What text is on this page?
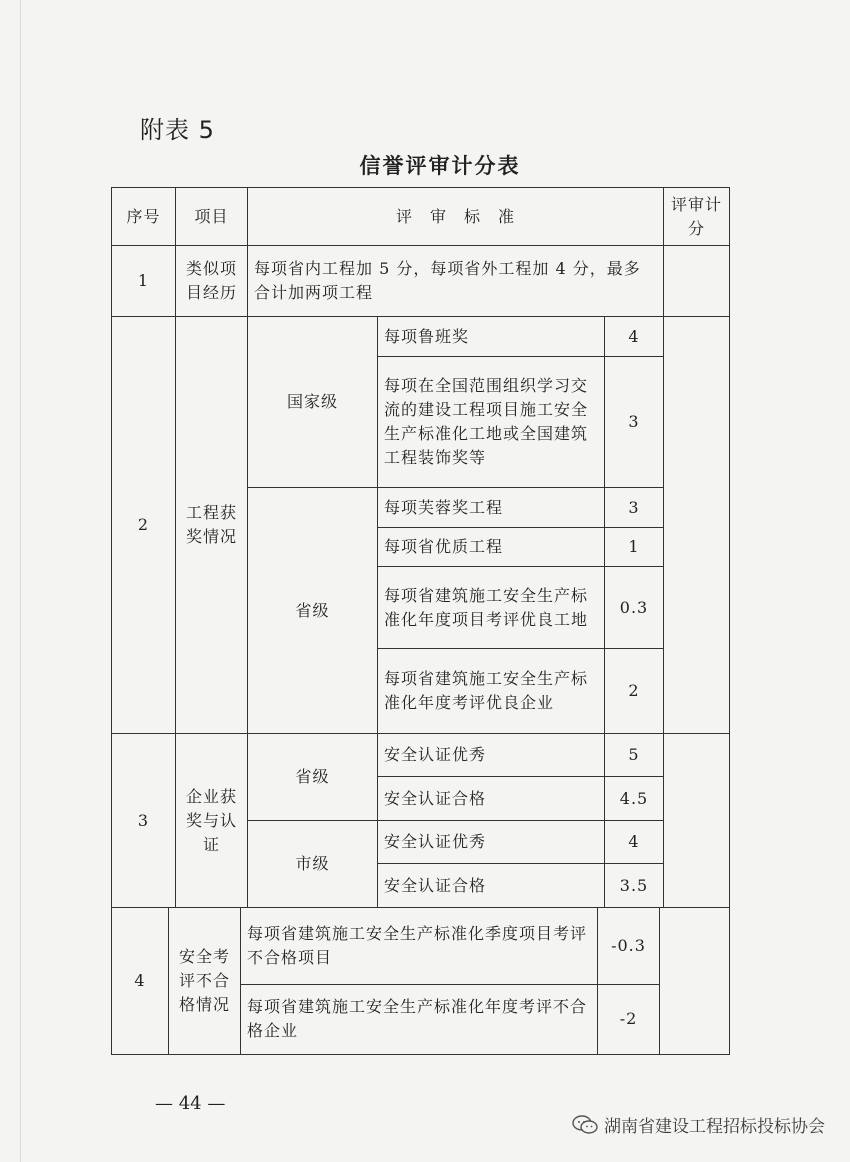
附表 5
信誉评审计分表
序号	项目	评　审　标　准			评审计分
1	类似项目经历	每项省内工程加 5 分，每项省外工程加 4 分，最多合计加两项工程			
2	工程获奖情况	国家级	每项鲁班奖	4	
			每项在全国范围组织学习交流的建设工程项目施工安全生产标准化工地或全国建筑工程装饰奖等	3	
		省级	每项芙蓉奖工程	3	
			每项省优质工程	1	
			每项省建筑施工安全生产标准化年度项目考评优良工地	0.3	
			每项省建筑施工安全生产标准化年度考评优良企业	2	
3	企业获奖与认证	省级	安全认证优秀	5	
			安全认证合格	4.5	
		市级	安全认证优秀	4	
			安全认证合格	3.5	
4	安全考评不合格情况	每项省建筑施工安全生产标准化季度项目考评不合格项目	-0.3	
		每项省建筑施工安全生产标准化年度考评不合格企业	-2	
— 44 —
湖南省建设工程招标投标协会
